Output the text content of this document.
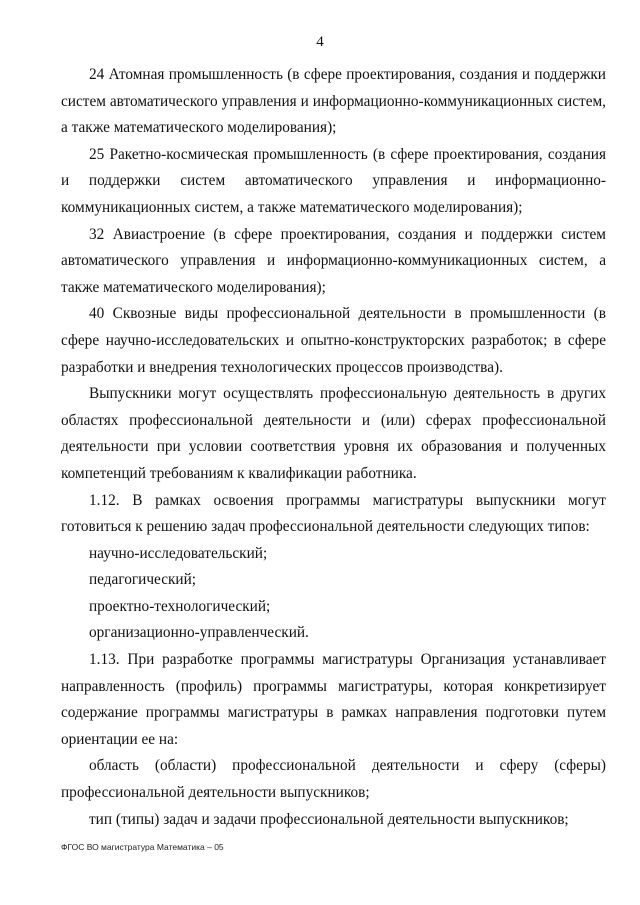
4

24 Атомная промышленность (в сфере проектирования, создания и поддержки систем автоматического управления и информационно-коммуникационных систем, а также математического моделирования);

25 Ракетно-космическая промышленность (в сфере проектирования, создания и поддержки систем автоматического управления и информационно-коммуникационных систем, а также математического моделирования);

32 Авиастроение (в сфере проектирования, создания и поддержки систем автоматического управления и информационно-коммуникационных систем, а также математического моделирования);

40 Сквозные виды профессиональной деятельности в промышленности (в сфере научно-исследовательских и опытно-конструкторских разработок; в сфере разработки и внедрения технологических процессов производства).

Выпускники могут осуществлять профессиональную деятельность в других областях профессиональной деятельности и (или) сферах профессиональной деятельности при условии соответствия уровня их образования и полученных компетенций требованиям к квалификации работника.

1.12. В рамках освоения программы магистратуры выпускники могут готовиться к решению задач профессиональной деятельности следующих типов:

научно-исследовательский;

педагогический;

проектно-технологический;

организационно-управленческий.

1.13. При разработке программы магистратуры Организация устанавливает направленность (профиль) программы магистратуры, которая конкретизирует содержание программы магистратуры в рамках направления подготовки путем ориентации ее на:

область (области) профессиональной деятельности и сферу (сферы) профессиональной деятельности выпускников;

тип (типы) задач и задачи профессиональной деятельности выпускников;

ФГОС ВО магистратура Математика – 05
